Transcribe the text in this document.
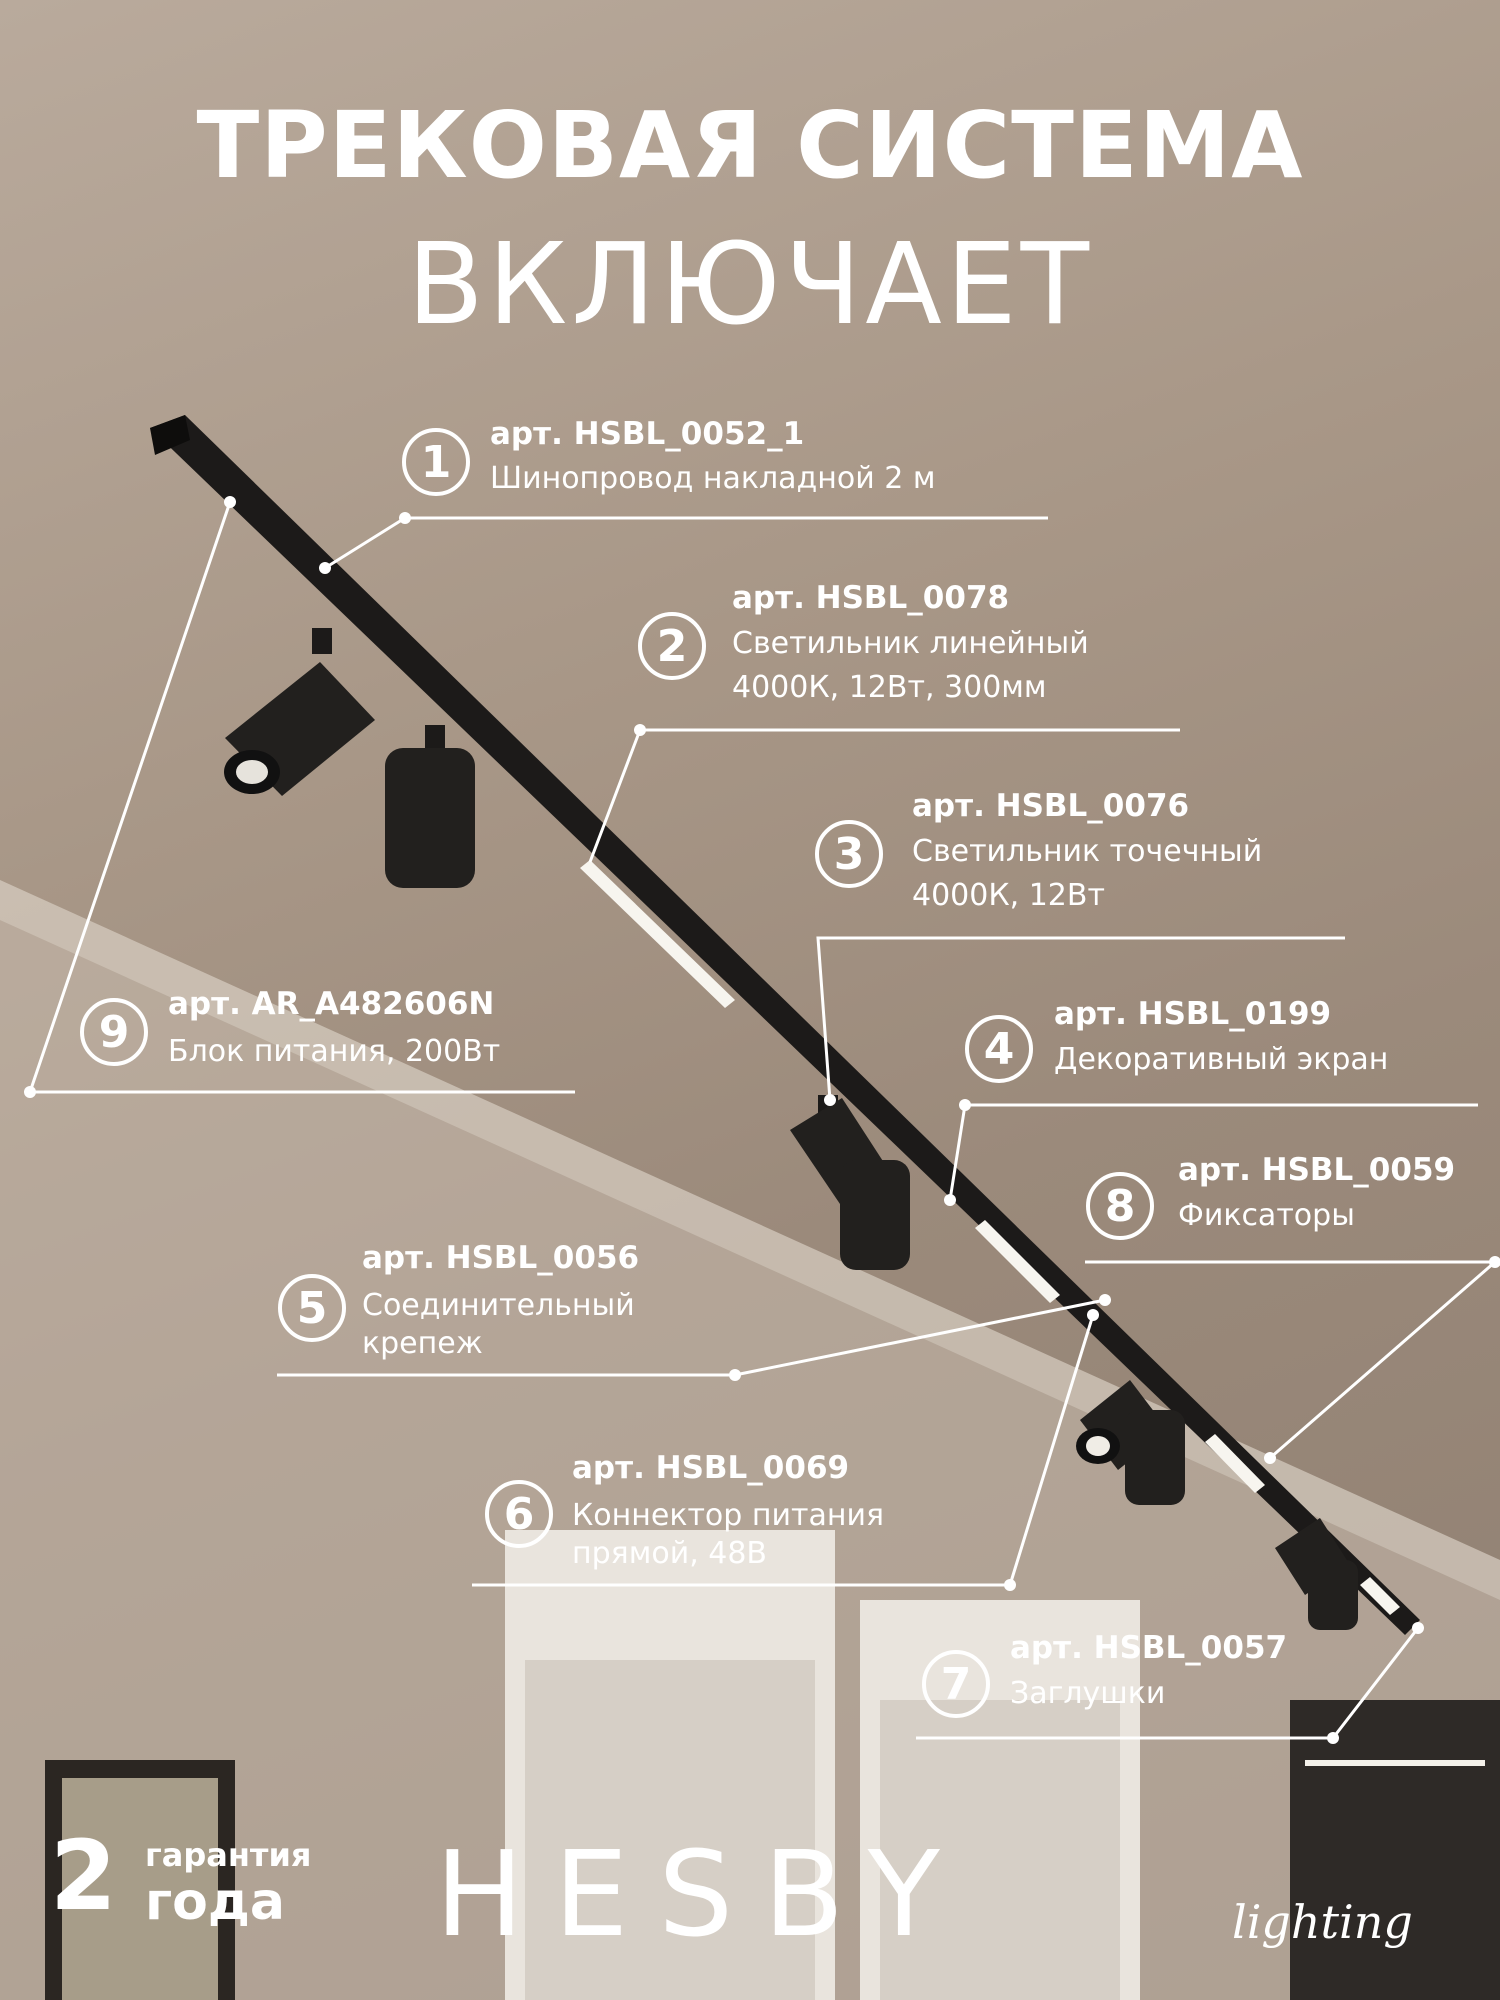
ТРЕКОВАЯ СИСТЕМА
ВКЛЮЧАЕТ
1
арт. HSBL_0052_1
Шинопровод накладной 2 м
2
арт. HSBL_0078
Светильник линейный
4000К, 12Вт, 300мм
3
арт. HSBL_0076
Светильник точечный
4000К, 12Вт
4
арт. HSBL_0199
Декоративный экран
5
арт. HSBL_0056
Соединительный
крепеж
6
арт. HSBL_0069
Коннектор питания
прямой, 48В
7
арт. HSBL_0057
Заглушки
8
арт. HSBL_0059
Фиксаторы
9
арт. AR_A482606N
Блок питания, 200Вт
2 гарантия
года HESBY	lighting
